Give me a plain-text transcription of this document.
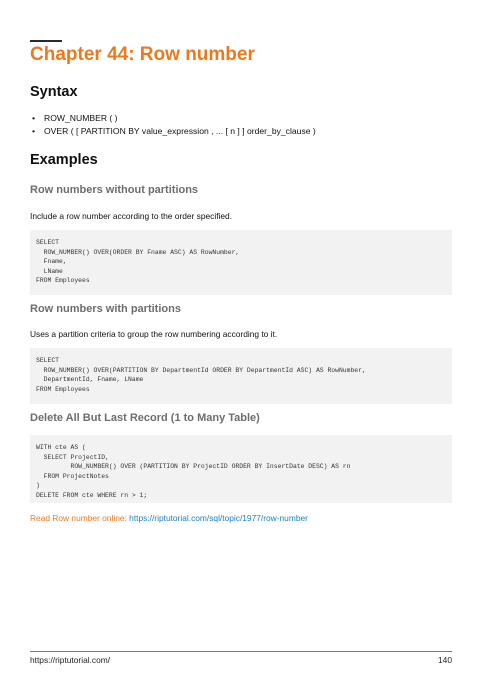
Chapter 44: Row number
Syntax
• ROW_NUMBER ( )
• OVER ( [ PARTITION BY value_expression , ... [ n ] ] order_by_clause )
Examples
Row numbers without partitions

Include a row number according to the order specified.

SELECT
ROW_NUMBER() OVER(ORDER BY Fname ASC) AS RowNumber,
Fname,
LName
FROM Employees
Row numbers with partitions

Uses a partition criteria to group the row numbering according to it.

SELECT
ROW_NUMBER() OVER(PARTITION BY DepartmentId ORDER BY DepartmentId ASC) AS RowNumber,
DepartmentId, Fname, LName
FROM Employees
Delete All But Last Record (1 to Many Table)
WITH cte AS (
SELECT ProjectID,
ROW_NUMBER() OVER (PARTITION BY ProjectID ORDER BY InsertDate DESC) AS rn
FROM ProjectNotes
)
DELETE FROM cte WHERE rn > 1;

Read Row number online: https://riptutorial.com/sql/topic/1977/row-number

https://riptutorial.com/	140
